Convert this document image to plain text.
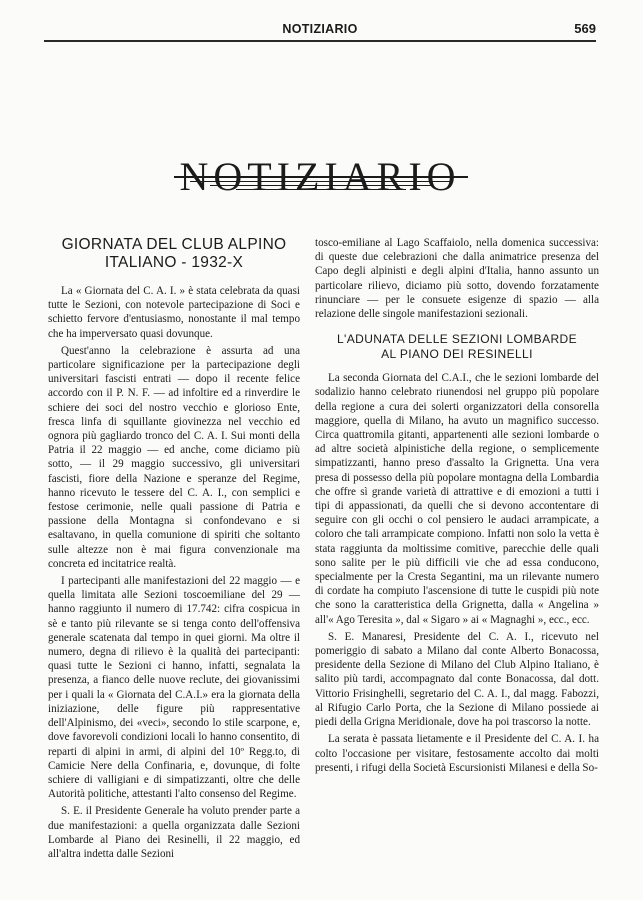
NOTIZIARIO	569
GIORNATA DEL CLUB ALPINO
ITALIANO - 1932-X

La « Giornata del C. A. I. » è stata celebrata da quasi tutte le Sezioni, con notevole partecipazione di Soci e schietto fervore d'entusiasmo, nonostante il mal tempo che ha imperversato quasi dovunque.

Quest'anno la celebrazione è assurta ad una particolare significazione per la partecipazione degli universitari fascisti entrati — dopo il recente felice accordo con il P. N. F. — ad infoltire ed a rinverdire le schiere dei soci del nostro vecchio e glorioso Ente, fresca linfa di squillante giovinezza nel vecchio ed ognora più gagliardo tronco del C. A. I. Sui monti della Patria il 22 maggio — ed anche, come diciamo più sotto, — il 29 maggio successivo, gli universitari fascisti, fiore della Nazione e speranze del Regime, hanno ricevuto le tessere del C. A. I., con semplici e festose cerimonie, nelle quali passione di Patria e passione della Montagna si confondevano e si esaltavano, in quella comunione di spiriti che soltanto sulle altezze non è mai figura convenzionale ma concreta ed incitatrice realtà.

I partecipanti alle manifestazioni del 22 maggio — e quella limitata alle Sezioni toscoemiliane del 29 — hanno raggiunto il numero di 17.742: cifra cospicua in sè e tanto più rilevante se si tenga conto dell'offensiva generale scatenata dal tempo in quei giorni. Ma oltre il numero, degna di rilievo è la qualità dei partecipanti: quasi tutte le Sezioni ci hanno, infatti, segnalata la presenza, a fianco delle nuove reclute, dei giovanissimi per i quali la « Giornata del C.A.I.» era la giornata della iniziazione, delle figure più rappresentative dell'Alpinismo, dei «veci», secondo lo stile scarpone, e, dove favorevoli condizioni locali lo hanno consentito, di reparti di alpini in armi, di alpini del 10º Regg.to, di Camicie Nere della Confinaria, e, dovunque, di folte schiere di valligiani e di simpatizzanti, oltre che delle Autorità politiche, attestanti l'alto consenso del Regime.

S. E. il Presidente Generale ha voluto prender parte a due manifestazioni: a quella organizzata dalle Sezioni Lombarde al Piano dei Resinelli, il 22 maggio, ed all'altra indetta dalle Sezioni

tosco-emiliane al Lago Scaffaiolo, nella domenica successiva: di queste due celebrazioni che dalla animatrice presenza del Capo degli alpinisti e degli alpini d'Italia, hanno assunto un particolare rilievo, diciamo più sotto, dovendo forzatamente rinunciare — per le consuete esigenze di spazio — alla relazione delle singole manifestazioni sezionali.

L'ADUNATA DELLE SEZIONI LOMBARDE
AL PIANO DEI RESINELLI

La seconda Giornata del C.A.I., che le sezioni lombarde del sodalizio hanno celebrato riunendosi nel gruppo più popolare della regione a cura dei solerti organizzatori della consorella maggiore, quella di Milano, ha avuto un magnifico successo. Circa quattromila gitanti, appartenenti alle sezioni lombarde o ad altre società alpinistiche della regione, o semplicemente simpatizzanti, hanno preso d'assalto la Grignetta. Una vera presa di possesso della più popolare montagna della Lombardia che offre sì grande varietà di attrattive e di emozioni a tutti i tipi di appassionati, da quelli che si devono accontentare di seguire con gli occhi o col pensiero le audaci arrampicate, a coloro che tali arrampicate compiono. Infatti non solo la vetta è stata raggiunta da moltissime comitive, parecchie delle quali sono salite per le più difficili vie che ad essa conducono, specialmente per la Cresta Segantini, ma un rilevante numero di cordate ha compiuto l'ascensione di tutte le cuspidi più note che sono la caratteristica della Grignetta, dalla « Angelina » all'« Ago Teresita », dal « Sigaro » ai « Magnaghi », ecc., ecc.

S. E. Manaresi, Presidente del C. A. I., ricevuto nel pomeriggio di sabato a Milano dal conte Alberto Bonacossa, presidente della Sezione di Milano del Club Alpino Italiano, è salito più tardi, accompagnato dal conte Bonacossa, dal dott. Vittorio Frisinghelli, segretario del C. A. I., dal magg. Fabozzi, al Rifugio Carlo Porta, che la Sezione di Milano possiede ai piedi della Grigna Meridionale, dove ha poi trascorso la notte.

La serata è passata lietamente e il Presidente del C. A. I. ha colto l'occasione per visitare, festosamente accolto dai molti presenti, i rifugi della Società Escursionisti Milanesi e della So-
